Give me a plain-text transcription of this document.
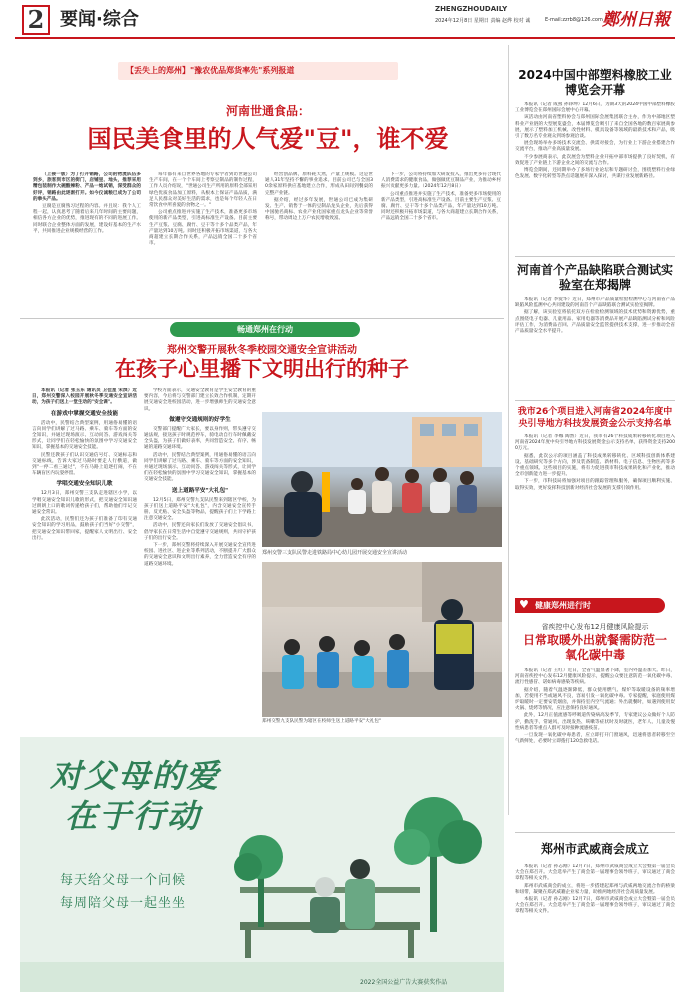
2 要闻·综合	ZHENGZHOUDAILY
2024年12月8日 星期日 责编 赵烨 校对 诚	E-mail:zzrb8@126.com 鄭州日報
【丢失上的郑州】"豫农优品郑货率先"系列报道
河南世通食品：
国民美食里的人气爱"豆"，谁不爱

（上接一版）为了打开销路，公司的物流队伍多到乡，旅客到市区的街门，店铺里、地头，推荐采用精包装制作大碗酸辣粉、产品一炮试销，深受群众的好评，销路由此逐渐打开。如今仪诚粮已成为了公司的拳头产品。

豆腐是豆腐熟习过程的内容。并且说：我个人工程一起，认真思考了随着后来几年时间的主要问题，相信各方企业的优势，推进现有的不同的进展工作。同时联合企业整体方面的发展，建设好基本的生产水平，共同推进企业规模经营的工作。

每年都有来自世界各地的专家学者到访世通公司生产车间，在一个个车间上考察豆制品的制作过程，工作人员介绍说，"世通公司生产所用的原料全部采用绿色优质食品加工原料，从根本上保证产品品质，满足人民群众对美好生活的需求，也是每个年轻人在日常饮食中所喜爱的食物之一。"

公司重点推进并实施了生产技术，准备更多市场使用的新产品类型，引进高标准生产设备。目前主要生产豆浆、豆腐、腐竹、豆干等十多个品类产品，年产量达到10万吨。同时还积极开拓市场渠道，与各大商超建立长期合作关系，产品远销全国二十多个省市。

经营创品牌，原料耗天然，产量上规模。这是世通人31年坚持不懈的事业追求。目前公司已与全国30余家原料供应基地建立合作，形成从田间到餐桌的完整产业链。

据介绍，经过多年发展，世通公司已成为集研发、生产、销售于一体的豆制品龙头企业，先后获得中国驰名商标、农业产业化国家重点龙头企业等荣誉称号，带动周边上万户农民增收致富。

下一步，公司将持续加大研发投入，推出更多符合现代人消费需求的健康食品，做强做优豆制品产业，为推动乡村振兴贡献更多力量。（2024年12月8日）

公司重点推进并实施了生产技术，准备更多市场使用的新产品类型，引进高标准生产设备。目前主要生产豆浆、豆腐、腐竹、豆干等十多个品类产品，年产量达到10万吨。同时还积极开拓市场渠道，与各大商超建立长期合作关系，产品远销全国二十多个省市。

2024中国中部塑料橡胶工业博览会开幕

本报讯（记者 成燕 孙铮坤）12月6日，为期3天的2024中国中部塑料橡胶工业博览会在郑州国际会展中心开幕。

该活动由河南省塑料协会与郑州国际会展集团联合主办，作为中部地区塑料业产业链的大型展览盛会，本届博览会吸引了来自全国各地的数百家展商参展，展示了塑料加工机械、改性材料、模具设备等领域的最新技术和产品，吸引了数万名专业观众到场参观洽谈。

展会现场举办多场技术交流会、供需对接会，为行业上下游企业搭建合作交流平台，推动产业高质量发展。

不少参展商表示，此次展会为塑料企业开拓中部市场提供了良好契机，有效促进了产业链上下游企业之间的交流与合作。

博览会期间，还同期举办了多场行业论坛和专题研讨会，围绕塑料行业绿色发展、数字化转型等热点话题展开深入探讨，共谋行业发展新路径。

河南首个产品缺陷联合测试实验室在郑揭牌

本报讯（记者 李爱华）近日，郑州市产品质量检验检测中心与河南省产品缺陷风险监测中心共同建设的河南首个产品缺陷联合测试实验室揭牌。

据了解，该实验室将依托双方在检验检测领域的技术优势和资源优势，重点围绕电子电器、儿童用品、家用电器等消费品开展产品缺陷测试分析和风险评估工作，为消费品召回、产品质量安全监管提供技术支撑，进一步推动全省产品质量安全水平提升。

我市26个项目进入河南省2024年度中央引导地方科技发展资金公示支持名单

本报讯（记者 李娜 陶然）近日，我市有26个科技成果转移转化项目进入河南省2024年度中央引导地方科技发展资金公示支持名单，获得资金支持2000万元。

据悉，此次公示的项目涵盖了科技成果转移转化、区域科技创新体系建设、基础研究等多个方向，涉及装备制造、新材料、电子信息、生物医药等多个重点领域。这些项目的实施，将有力促进我市科技成果转化和产业化，推动全市创新能力进一步提升。

下一步，市科技局将加强对项目的跟踪管理和服务，确保项目顺利实施、取得实效，更好发挥科技创新对经济社会发展的支撑引领作用。

♥ 健康郑州进行时
省疾控中心发布12月健康风险提示
日常取暖外出就餐需防范一氧化碳中毒

本报讯（记者 王红）近日，全省气温显著下降，室内外温差加大。昨日，河南省疾控中心发布12月健康风险提示，提醒公众要注意防范一氧化碳中毒、流行性感冒、诺如病毒感染等疾病。

据介绍，随着气温逐渐降低，群众使用燃气、煤炉等取暖设备的频率增加，若使用不当或通风不良，容易引发一氧化碳中毒。专家提醒，家庭使用煤炉取暖时一定要安装烟囱，并保持室内空气流通；外出就餐时，如遇到使用炭火锅、烧烤等情况，应注意保持良好通风。

此外，12月正值流感等呼吸道传染病高发季节，专家建议公众做好个人防护，勤洗手、常通风，出现发热、咳嗽等症状时及时就医，老年人、儿童及慢性病患者等重点人群可及时接种流感疫苗。

一旦发现一氧化碳中毒患者，应立即打开门窗通风，迅速将患者转移至空气新鲜处，必要时立即拨打120急救电话。

郑州市武威商会成立

本报讯（记者 孙志刚）12月7日，郑州市武威商会成立大会暨第一届会员大会在郑召开。大会选举产生了商会第一届理事会领导班子，审议通过了商会章程等相关文件。

郑州市武威商会的成立，将进一步搭建起郑州与武威两地交流合作的桥梁和纽带，凝聚在郑武威籍企业家力量，助推两地经济社会高质量发展。

本报讯（记者 孙志刚）12月7日，郑州市武威商会成立大会暨第一届会员大会在郑召开。大会选举产生了商会第一届理事会领导班子，审议通过了商会章程等相关文件。

畅通郑州在行动
郑州交警开展秋冬季校园交通安全宣讲活动
在孩子心里播下文明出行的种子

本报讯（记者 张玉东 通讯员 卫佳星 宋滨）近日，郑州交警深入校园开展秋冬季交通安全宣讲活动，为孩子们送上一堂生动的"安全课"。

在游戏中掌握交通安全技能

活动中，民警结合典型案例，用通俗易懂的语言向同学们讲解了过马路、乘车、骑车等方面的安全知识，并通过现场演示、互动问答、游戏闯关等形式，让同学们在轻松愉快的氛围中学习交通安全知识，掌握基本的交通安全技能。

民警还教孩子们认识交通信号灯、交通标志和交通标线，告诉大家过马路时要走人行横道，做到"一停二看三通过"，不在马路上追逐打闹，不在车辆盲区内玩耍停留。

学唱交通安全知识儿歌

12月3日，郑州交警三支队走进辖区小学，以学唱交通安全知识儿歌的形式，把交通安全知识通过朗朗上口的歌词传递给孩子们，帮助他们牢记交通安全常识。

此次活动，民警们还为孩子们准备了印有交通安全知识的学习用品，鼓励孩子们当好"小交警"，把交通安全知识带回家，提醒家人文明出行、安全出行。

学校方面表示，交通安全教育是学生安全教育的重要内容，今后将与交警部门建立长效合作机制，定期开展交通安全进校园活动，进一步增强师生的交通安全意识。

做遵守交通规则的好学生

交警部门提醒广大家长，要以身作则，带头遵守交通法规，接送孩子时规范停车，骑电动自行车时佩戴安全头盔，为孩子们做好表率，共同营造安全、有序、畅通的道路交通环境。

活动中，民警结合典型案例，用通俗易懂的语言向同学们讲解了过马路、乘车、骑车等方面的安全知识，并通过现场演示、互动问答、游戏闯关等形式，让同学们在轻松愉快的氛围中学习交通安全知识，掌握基本的交通安全技能。

送上道路平安"大礼包"

12月5日，郑州交警九支队民警来到辖区学校，为孩子们送上道路平安"大礼包"，内含交通安全宣传手册、反光贴、安全头盔等物品，提醒孩子们上下学路上注意交通安全。

活动中，民警还向家长们发放了交通安全倡议书，倡导家长在日常生活中自觉遵守交通规则，共同守护孩子们的出行安全。

下一步，郑州交警将持续深入开展交通安全宣传进校园、进社区、进企业等系列活动，不断提升广大群众的交通安全意识和文明出行素养，全力营造安全有序的道路交通环境。

郑州交警三支队民警走进铁路局中心幼儿园开展交通安全宣讲活动
郑州交警九支队民警为辖区在校师生送上道路平安"大礼包"
对父母的爱
在于行动
每天给父母一个问候
每周陪父母一起坐坐
2022全国公益广告大赛获奖作品
